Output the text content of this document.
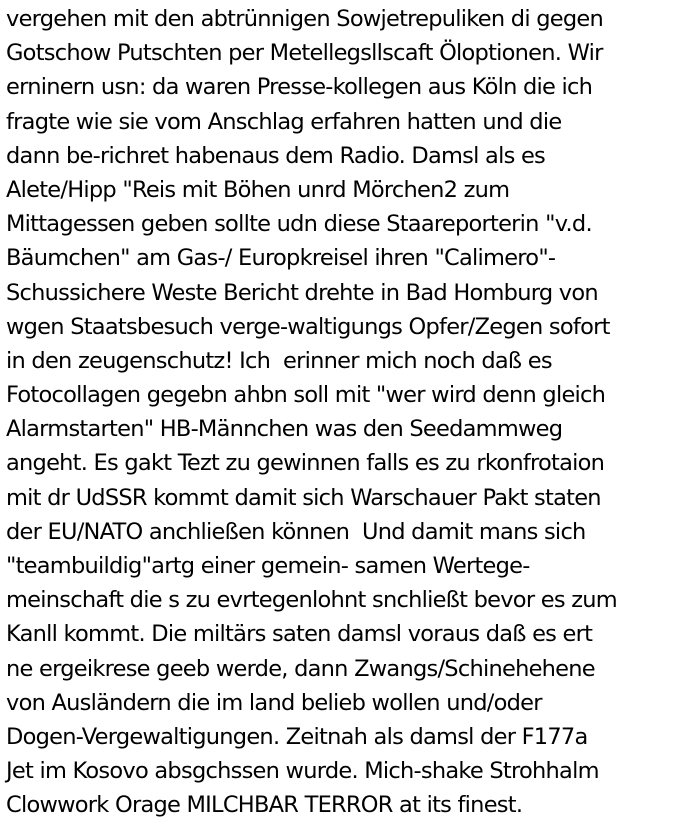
vergehen mit den abtrünnigen Sowjetrepuliken di gegen
Gotschow Putschten per Metellegsllscaft Öloptionen. Wir
erninern usn: da waren Presse-kollegen aus Köln die ich
fragte wie sie vom Anschlag erfahren hatten und die
dann be-richret habenaus dem Radio. Damsl als es
Alete/Hipp "Reis mit Böhen unrd Mörchen2 zum
Mittagessen geben sollte udn diese Staareporterin "v.d.
Bäumchen" am Gas-/ Europkreisel ihren "Calimero"-
Schussichere Weste Bericht drehte in Bad Homburg von
wgen Staatsbesuch verge-waltigungs Opfer/Zegen sofort
in den zeugenschutz! Ich  erinner mich noch daß es
Fotocollagen gegebn ahbn soll mit "wer wird denn gleich
Alarmstarten" HB-Männchen was den Seedammweg
angeht. Es gakt Tezt zu gewinnen falls es zu rkonfrotaion
mit dr UdSSR kommt damit sich Warschauer Pakt staten
der EU/NATO anchließen können  Und damit mans sich
"teambuildig"artg einer gemein- samen Wertege-
meinschaft die s zu evrtegenlohnt snchließt bevor es zum
Kanll kommt. Die miltärs saten damsl voraus daß es ert
ne ergeikrese geeb werde, dann Zwangs/Schinehehene
von Ausländern die im land belieb wollen und/oder
Dogen-Vergewaltigungen. Zeitnah als damsl der F177a
Jet im Kosovo absgchssen wurde. Mich-shake Strohhalm
Clowwork Orage MILCHBAR TERROR at its finest.
